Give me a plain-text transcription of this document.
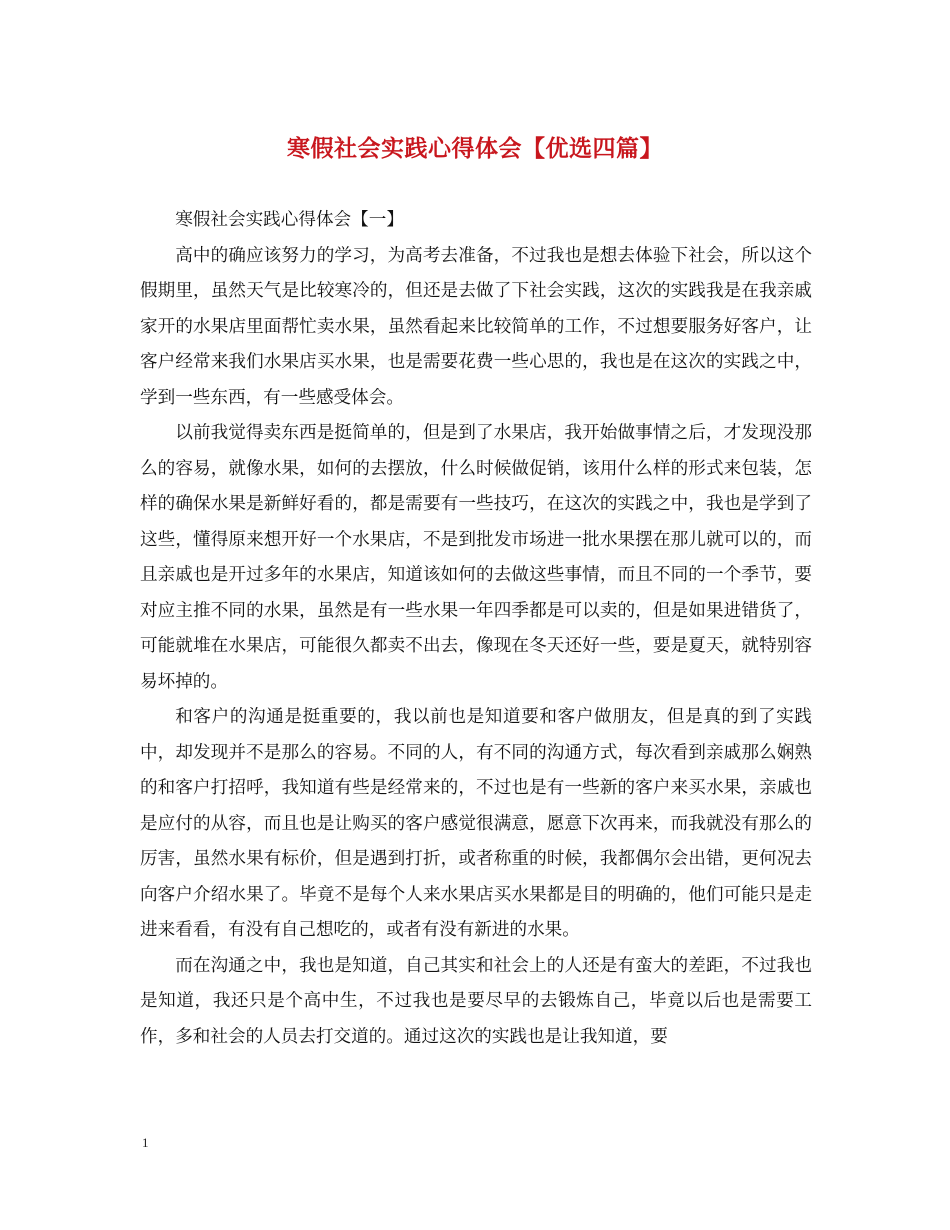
寒假社会实践心得体会【优选四篇】

寒假社会实践心得体会【一】

高中的确应该努力的学习，为高考去准备，不过我也是想去体验下社会，所以这个假期里，虽然天气是比较寒冷的，但还是去做了下社会实践，这次的实践我是在我亲戚家开的水果店里面帮忙卖水果，虽然看起来比较简单的工作，不过想要服务好客户，让客户经常来我们水果店买水果，也是需要花费一些心思的，我也是在这次的实践之中，学到一些东西，有一些感受体会。

以前我觉得卖东西是挺简单的，但是到了水果店，我开始做事情之后，才发现没那么的容易，就像水果，如何的去摆放，什么时候做促销，该用什么样的形式来包装，怎样的确保水果是新鲜好看的，都是需要有一些技巧，在这次的实践之中，我也是学到了这些，懂得原来想开好一个水果店，不是到批发市场进一批水果摆在那儿就可以的，而且亲戚也是开过多年的水果店，知道该如何的去做这些事情，而且不同的一个季节，要对应主推不同的水果，虽然是有一些水果一年四季都是可以卖的，但是如果进错货了，可能就堆在水果店，可能很久都卖不出去，像现在冬天还好一些，要是夏天，就特别容易坏掉的。

和客户的沟通是挺重要的，我以前也是知道要和客户做朋友，但是真的到了实践中，却发现并不是那么的容易。不同的人，有不同的沟通方式，每次看到亲戚那么娴熟的和客户打招呼，我知道有些是经常来的，不过也是有一些新的客户来买水果，亲戚也是应付的从容，而且也是让购买的客户感觉很满意，愿意下次再来，而我就没有那么的厉害，虽然水果有标价，但是遇到打折，或者称重的时候，我都偶尔会出错，更何况去向客户介绍水果了。毕竟不是每个人来水果店买水果都是目的明确的，他们可能只是走进来看看，有没有自己想吃的，或者有没有新进的水果。

而在沟通之中，我也是知道，自己其实和社会上的人还是有蛮大的差距，不过我也是知道，我还只是个高中生，不过我也是要尽早的去锻炼自己，毕竟以后也是需要工作，多和社会的人员去打交道的。通过这次的实践也是让我知道，要

1
